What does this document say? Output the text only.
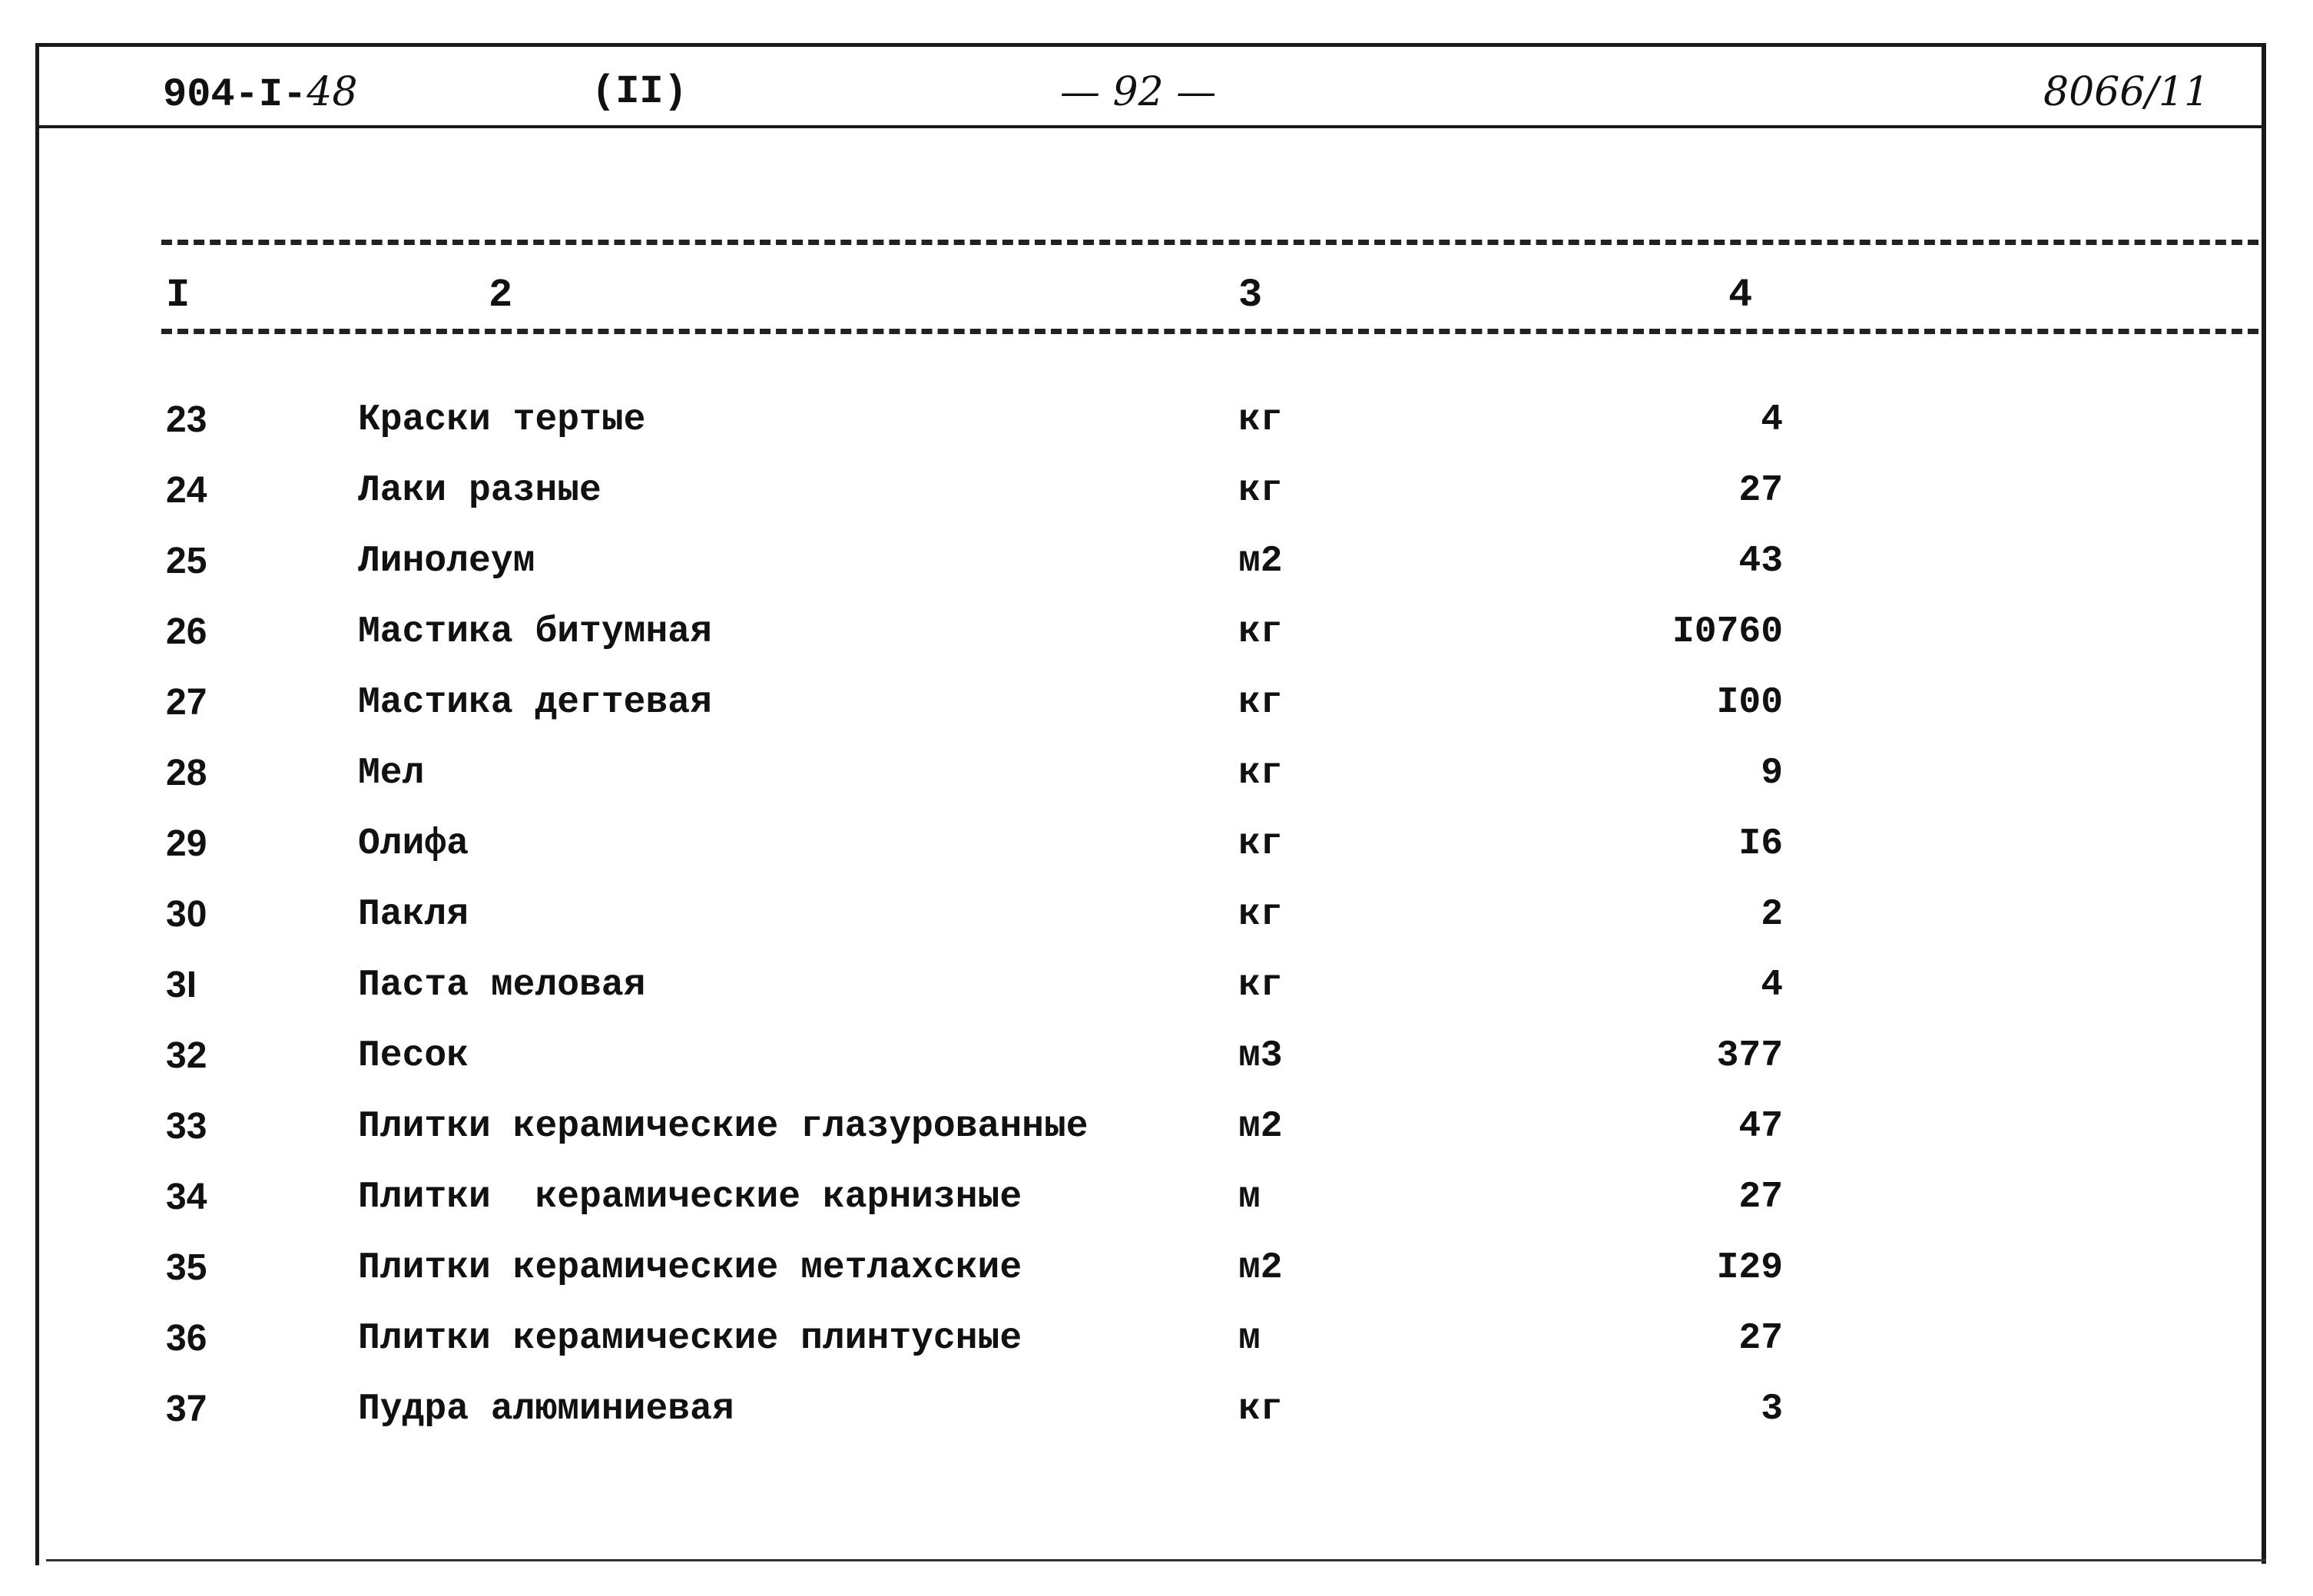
904-I-48	(II)	— 92 —	8066/11
I	2	3	4
23	Краски тертые	кг	4
24	Лаки разные	кг	27
25	Линолеум	м2	43
26	Мастика битумная	кг	I0760
27	Мастика дегтевая	кг	I00
28	Мел	кг	9
29	Олифа	кг	I6
30	Пакля	кг	2
3I	Паста меловая	кг	4
32	Песок	м3	377
33	Плитки керамические глазурованные	м2	47
34	Плитки  керамические карнизные	м	27
35	Плитки керамические метлахские	м2	I29
36	Плитки керамические плинтусные	м	27
37	Пудра алюминиевая	кг	3
